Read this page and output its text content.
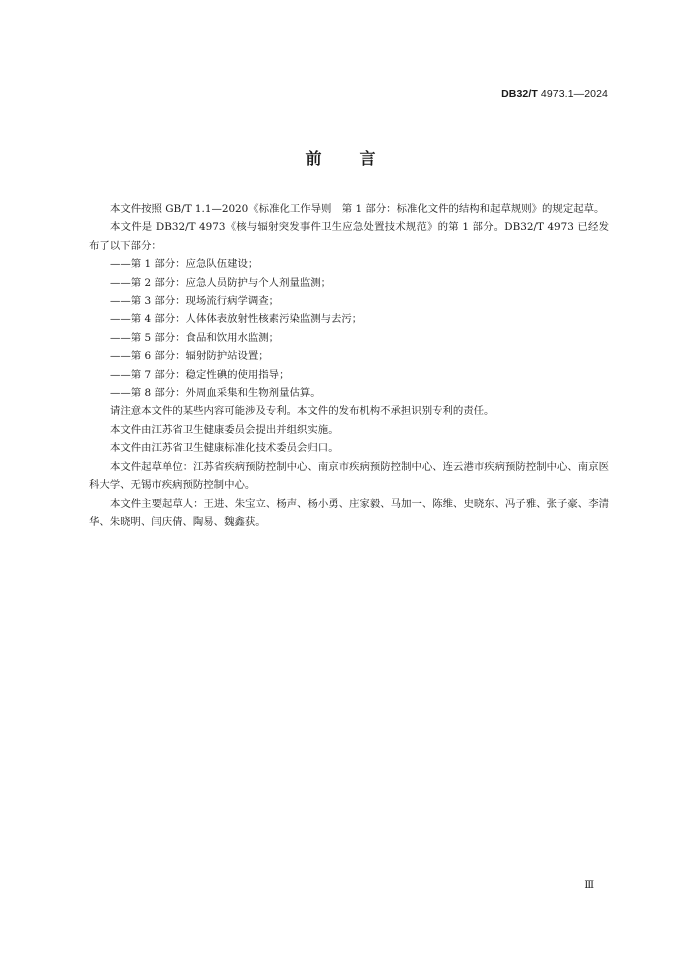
DB32/T 4973.1—2024
前 言

本文件按照 GB/T 1.1—2020《标准化工作导则　第 1 部分：标准化文件的结构和起草规则》的规定起草。

本文件是 DB32/T 4973《核与辐射突发事件卫生应急处置技术规范》的第 1 部分。DB32/T 4973 已经发布了以下部分：

——第 1 部分：应急队伍建设；

——第 2 部分：应急人员防护与个人剂量监测；

——第 3 部分：现场流行病学调查；

——第 4 部分：人体体表放射性核素污染监测与去污；

——第 5 部分：食品和饮用水监测；

——第 6 部分：辐射防护站设置；

——第 7 部分：稳定性碘的使用指导；

——第 8 部分：外周血采集和生物剂量估算。

请注意本文件的某些内容可能涉及专利。本文件的发布机构不承担识别专利的责任。

本文件由江苏省卫生健康委员会提出并组织实施。

本文件由江苏省卫生健康标准化技术委员会归口。

本文件起草单位：江苏省疾病预防控制中心、南京市疾病预防控制中心、连云港市疾病预防控制中心、南京医科大学、无锡市疾病预防控制中心。

本文件主要起草人：王进、朱宝立、杨声、杨小勇、庄家毅、马加一、陈维、史晓东、冯子雅、张子豪、李清华、朱晓明、闫庆倩、陶易、魏鑫获。

Ⅲ
